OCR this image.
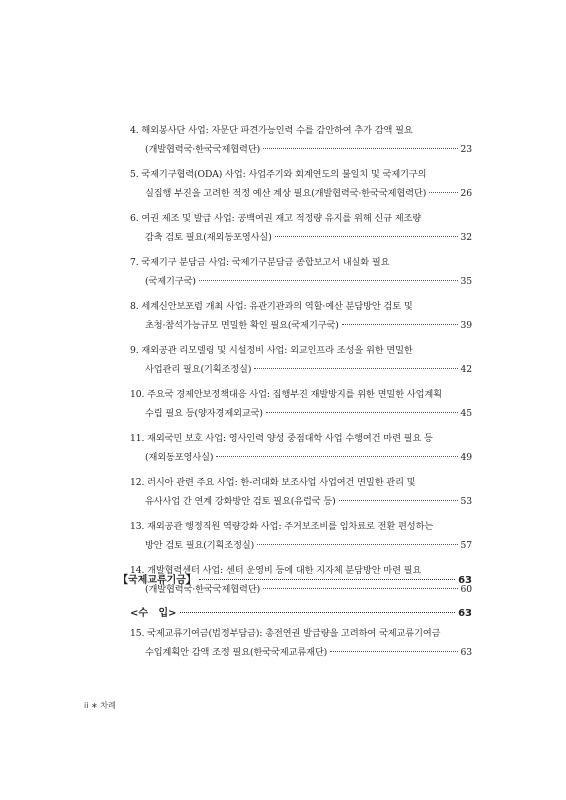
4. 해외봉사단 사업: 자문단 파견가능인력 수를 감안하여 추가 감액 필요
(개발협력국·한국국제협력단)	23
5. 국제기구협력(ODA) 사업: 사업주기와 회계연도의 불일치 및 국제기구의
실집행 부진을 고려한 적정 예산 계상 필요(개발협력국·한국국제협력단)	26
6. 여권 제조 및 발급 사업: 공백여권 재고 적정량 유지를 위해 신규 제조량
감축 검토 필요(재외동포영사실)	32
7. 국제기구 분담금 사업: 국제기구분담금 종합보고서 내실화 필요
(국제기구국)	35
8. 세계신안보포럼 개최 사업: 유관기관과의 역할·예산 분담방안 검토 및
초청·참석가능규모 면밀한 확인 필요(국제기구국)	39
9. 재외공관 리모델링 및 시설정비 사업: 외교인프라 조성을 위한 면밀한
사업관리 필요(기획조정실)	42
10. 주요국 경제안보정책대응 사업: 집행부진 재발방지를 위한 면밀한 사업계획
수립 필요 등(양자경제외교국)	45
11. 재외국민 보호 사업: 영사인력 양성 중점대학 사업 수행여건 마련 필요 등
(재외동포영사실)	49
12. 러시아 관련 주요 사업: 한-러대화 보조사업 사업여건 면밀한 관리 및
유사사업 간 연계 강화방안 검토 필요(유럽국 등)	53
13. 재외공관 행정직원 역량강화 사업: 주거보조비를 임차료로 전환 편성하는
방안 검토 필요(기획조정실)	57
14. 개발협력센터 사업: 센터 운영비 등에 대한 지자체 분담방안 마련 필요
(개발협력국·한국국제협력단)	60
【국제교류기금】	63
<수   입>	63
15. 국제교류기여금(법정부담금): 총전연권 발급량을 고려하여 국제교류기여금
수입계획안 감액 조정 필요(한국국제교류재단)	63
ii ∗ 차례
